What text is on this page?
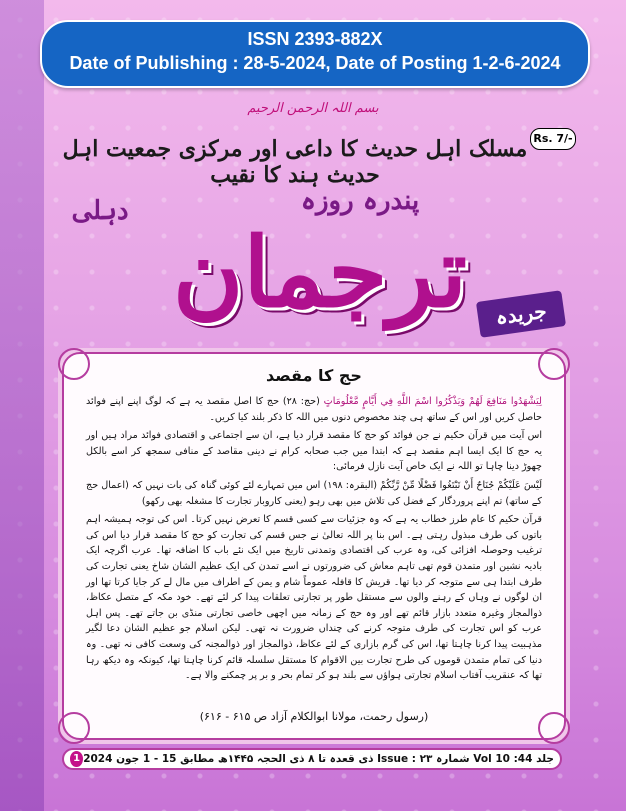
ISSN 2393-882X
Date of Publishing : 28-5-2024, Date of Posting 1-2-6-2024
بسم اللہ الرحمن الرحیم
Rs. 7/-
مسلک اہل حدیث کا داعی اور مرکزی جمعیت اہل حدیث ہند کا نقیب
پندرہ روزہ
دہلی
ترجمان	جریدہ
حج کا مقصد

لِيَشْهَدُوا مَنَافِعَ لَهُمْ وَيَذْكُرُوا اسْمَ اللَّهِ فِي أَيَّامٍ مَّعْلُومَاتٍ (حج: ۲۸) حج کا اصل مقصد یہ ہے کہ لوگ اپنے اپنے فوائد حاصل کریں اور اس کے ساتھ ہی چند مخصوص دنوں میں اللہ کا ذکر بلند کیا کریں۔

اس آیت میں قرآن حکیم نے جن فوائد کو حج کا مقصد قرار دیا ہے، ان سے اجتماعی و اقتصادی فوائد مراد ہیں اور یہ حج کا ایک ایسا اہم مقصد ہے کہ ابتدا میں جب صحابہ کرام نے دینی مقاصد کے منافی سمجھ کر اسے بالکل چھوڑ دینا چاہا تو اللہ نے ایک خاص آیت نازل فرمائی:

لَيْسَ عَلَيْكُمْ جُنَاحٌ أَنْ تَبْتَغُوا فَضْلًا مِّنْ رَّبِّكُمْ (البقرہ: ۱۹۸) اس میں تمہارے لئے کوئی گناہ کی بات نہیں کہ (اعمال حج کے ساتھ) تم اپنے پروردگار کے فضل کی تلاش میں بھی رہو (یعنی کاروبار تجارت کا مشغلہ بھی رکھو)

قرآن حکیم کا عام طرز خطاب یہ ہے کہ وہ جزئیات سے کسی قسم کا تعرض نہیں کرتا۔ اس کی توجہ ہمیشہ اہم باتوں کی طرف مبذول رہتی ہے۔ اس بنا پر اللہ تعالیٰ نے جس قسم کی تجارت کو حج کا مقصد قرار دیا اس کی ترغیب وحوصلہ افزائی کی، وہ عرب کی اقتصادی وتمدنی تاریخ میں ایک نئے باب کا اضافہ تھا۔ عرب اگرچہ ایک بادیہ نشین اور متمدن قوم تھی تاہم معاش کی ضرورتوں نے اسے تمدن کی ایک عظیم الشان شاخ یعنی تجارت کی طرف ابتدا ہی سے متوجہ کر دیا تھا۔ قریش کا قافلہ عموماً شام و یمن کے اطراف میں مال لے کر جایا کرتا تھا اور ان لوگوں نے وہاں کے رہنے والوں سے مستقل طور پر تجارتی تعلقات پیدا کر لئے تھے۔ خود مکہ کے متصل عکاظ، ذوالمجاز وغیرہ متعدد بازار قائم تھے اور وہ حج کے زمانہ میں اچھی خاصی تجارتی منڈی بن جاتے تھے۔ پس اہل عرب کو اس تجارت کی طرف متوجہ کرنے کی چنداں ضرورت نہ تھی۔ لیکن اسلام جو عظیم الشان دعا لگیر مذہبیت پیدا کرنا چاہتا تھا، اس کی گرم بازاری کے لئے عکاظ، ذوالمجاز اور ذوالمجنہ کی وسعت کافی نہ تھی۔ وہ دنیا کی تمام متمدن قوموں کی طرح تجارت بین الاقوام کا مستقل سلسلہ قائم کرنا چاہتا تھا، کیونکہ وہ دیکھ رہا تھا کہ عنقریب آفتاب اسلام تجارتی ہواؤں سے بلند ہو کر تمام بحر و بر پر چمکنے والا ہے۔

(رسول رحمت، مولانا ابوالکلام آزاد ص ۶۱۵ - ۶۱۶)
جلد 44: Vol 10 شمارہ Issue : ۲۳ ذی قعدہ تا ۸ ذی الحجہ ۱۴۴۵ھ مطابق 15 - 1 جون 2024
1
